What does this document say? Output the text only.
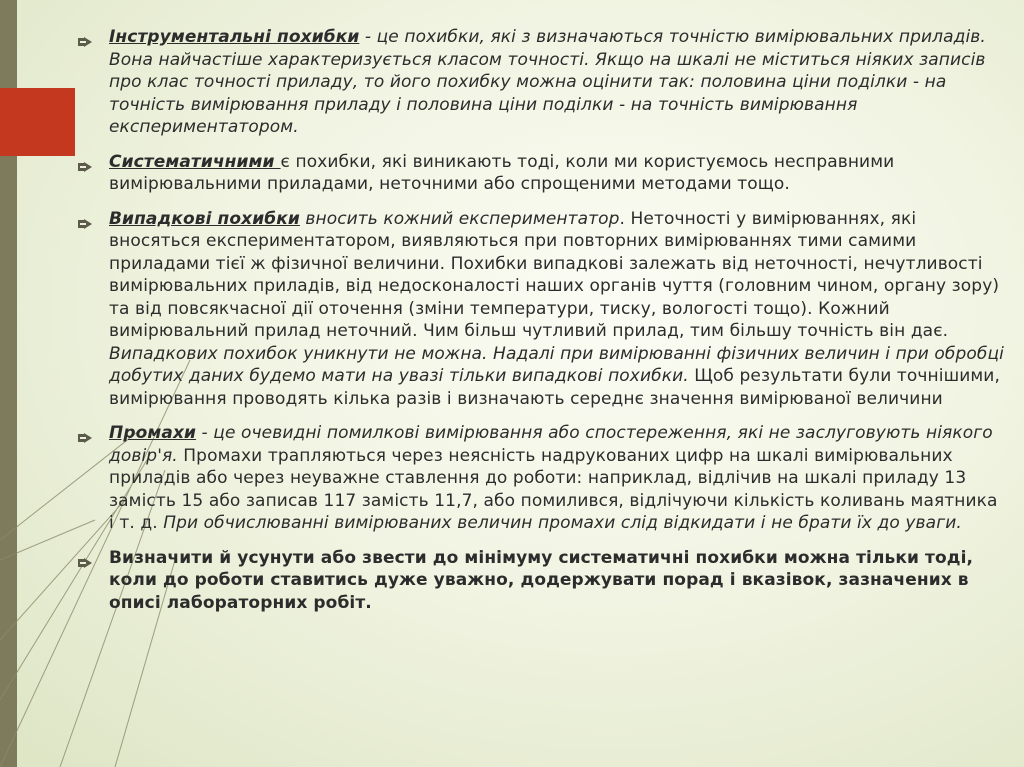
Інструментальні похибки - це похибки, які з визначаються точністю вимірювальних приладів. Вона найчастіше характеризується класом точності. Якщо на шкалі не міститься ніяких записів про клас точності приладу, то його похибку можна оцінити так: половина ціни поділки - на точність вимірювання приладу і половина ціни поділки - на точність вимірювання експериментатором.
Систематичними є похибки, які виникають тоді, коли ми користуємось несправними вимірювальними приладами, неточними або спрощеними методами тощо.
Випадкові похибки вносить кожний експериментатор. Неточності у вимірюваннях, які вносяться експериментатором, виявляються при повторних вимірюваннях тими самими приладами тієї ж фізичної величини. Похибки випадкові залежать від неточності, нечутливості вимірювальних приладів, від недосконалості наших органів чуття (головним чином, органу зору) та від повсякчасної дії оточення (зміни температури, тиску, вологості тощо). Кожний вимірювальний прилад неточний. Чим більш чутливий прилад, тим більшу точність він дає. Випадкових похибок уникнути не можна. Надалі при вимірюванні фізичних величин і при обробці добутих даних будемо мати на увазі тільки випадкові похибки. Щоб результати були точнішими, вимірювання проводять кілька разів і визначають середнє значення вимірюваної величини
Промахи - це очевидні помилкові вимірювання або спостереження, які не заслуговують ніякого довір'я. Промахи трапляються через неясність надрукованих цифр на шкалі вимірювальних приладів або через неуважне ставлення до роботи: наприклад, відлічив на шкалі приладу 13 замість 15 або записав 117 замість 11,7, або помилився, відлічуючи кількість коливань маятника і т. д. При обчислюванні вимірюваних величин промахи слід відкидати і не брати їх до уваги.
Визначити й усунути або звести до мінімуму систематичні похибки можна тільки тоді, коли до роботи ставитись дуже уважно, додержувати порад і вказівок, зазначених в описі лабораторних робіт.
